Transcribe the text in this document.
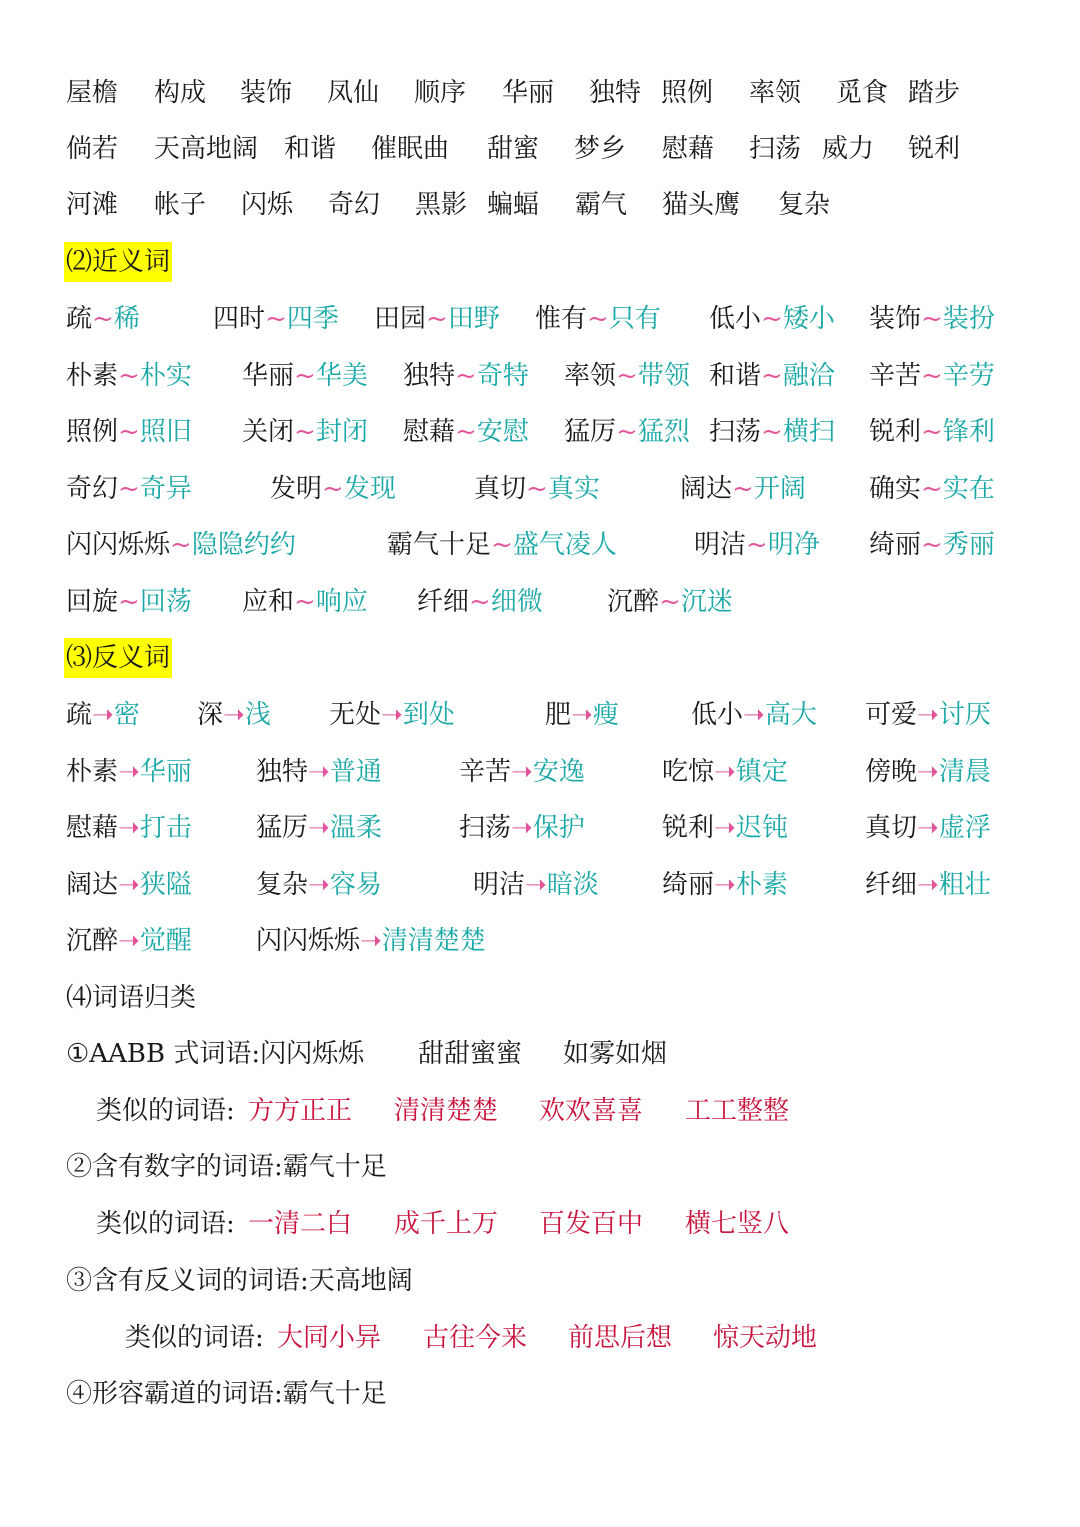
屋檐 构成 装饰 凤仙 顺序 华丽 独特 照例 率领 觅食 踏步
倘若 天高地阔 和谐 催眠曲 甜蜜 梦乡 慰藉 扫荡 威力 锐利
河滩 帐子 闪烁 奇幻 黑影 蝙蝠 霸气 猫头鹰 复杂
⑵近义词
疏~稀	四时~四季 田园~田野 惟有~只有 低小~矮小 装饰~装扮
朴素~朴实 华丽~华美 独特~奇特 率领~带领 和谐~融洽 辛苦~辛劳
照例~照旧 关闭~封闭 慰藉~安慰 猛厉~猛烈 扫荡~横扫 锐利~锋利
奇幻~奇异	发明~发现	真切~真实	阔达~开阔 确实~实在
闪闪烁烁~隐隐约约	霸气十足~盛气凌人	明洁~明净 绮丽~秀丽
回旋~回荡 应和~响应 纤细~细微 沉醉~沉迷
⑶反义词
疏➝密 深➝浅 无处➝到处	肥➝瘦	低小➝高大 可爱➝讨厌
朴素➝华丽 独特➝普通	辛苦➝安逸	吃惊➝镇定	傍晚➝清晨
慰藉➝打击 猛厉➝温柔	扫荡➝保护	锐利➝迟钝	真切➝虚浮
阔达➝狭隘 复杂➝容易	明洁➝暗淡 绮丽➝朴素	纤细➝粗壮
沉醉➝觉醒 闪闪烁烁➝清清楚楚
⑷词语归类
①AABB 式词语:闪闪烁烁 甜甜蜜蜜 如雾如烟
类似的词语: 方方正正 清清楚楚 欢欢喜喜 工工整整
②含有数字的词语:霸气十足
类似的词语: 一清二白 成千上万 百发百中 横七竖八
③含有反义词的词语:天高地阔
类似的词语: 大同小异 古往今来 前思后想 惊天动地
④形容霸道的词语:霸气十足
